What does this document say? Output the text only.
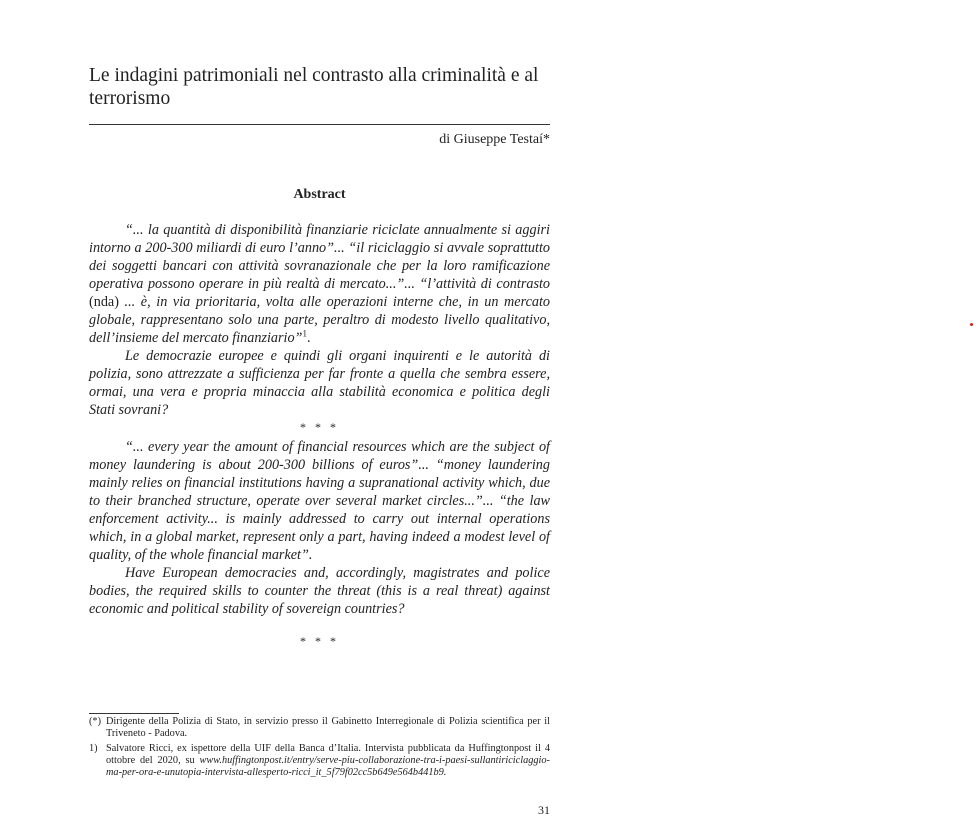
Le indagini patrimoniali nel contrasto alla criminalità e al terrorismo
di Giuseppe Testaí*
Abstract

“... la quantità di disponibilità finanziarie riciclate annualmente si aggiri intorno a 200-300 miliardi di euro l’anno”... “il riciclaggio si avvale soprattutto dei soggetti bancari con attività sovranazionale che per la loro ramificazione operativa possono operare in più realtà di mercato...”... “l’attività di contrasto (nda) ... è, in via prioritaria, volta alle operazioni interne che, in un mercato globale, rappresentano solo una parte, peraltro di modesto livello qualitativo, dell’insieme del mercato finanziario”$^1$.

Le democrazie europee e quindi gli organi inquirenti e le autorità di polizia, sono attrezzate a sufficienza per far fronte a quella che sembra essere, ormai, una vera e propria minaccia alla stabilità economica e politica degli Stati sovrani?

* * *

“... every year the amount of financial resources which are the subject of money laundering is about 200-300 billions of euros”... “money laundering mainly relies on financial institutions having a supranational activity which, due to their branched structure, operate over several market circles...”... “the law enforcement activity... is mainly addressed to carry out internal operations which, in a global market, represent only a part, having indeed a modest level of quality, of the whole financial market”.

Have European democracies and, accordingly, magistrates and police bodies, the required skills to counter the threat (this is a real threat) against economic and political stability of sovereign countries?

* * *
(*) Dirigente della Polizia di Stato, in servizio presso il Gabinetto Interregionale di Polizia scientifica per il Triveneto - Padova.
1) Salvatore Ricci, ex ispettore della UIF della Banca d’Italia. Intervista pubblicata da Huffingtonpost il 4 ottobre del 2020, su www.huffingtonpost.it/entry/serve-piu-collaborazione-tra-i-paesi-sullantiriciclaggio-ma-per-ora-e-unutopia-intervista-allesperto-ricci_it_5f79f02cc5b649e564b441b9.
31
